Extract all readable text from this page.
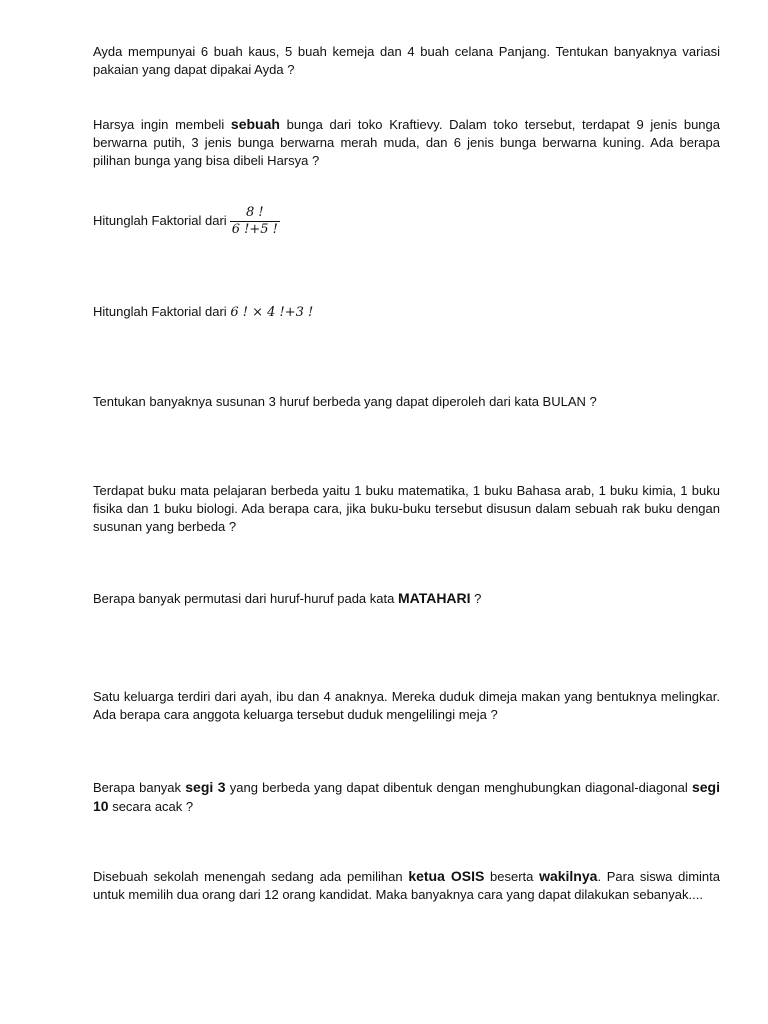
Ayda mempunyai 6 buah kaus, 5 buah kemeja dan 4 buah celana Panjang. Tentukan banyaknya variasi pakaian yang dapat dipakai Ayda ?

Harsya ingin membeli sebuah bunga dari toko Kraftievy. Dalam toko tersebut, terdapat 9 jenis bunga berwarna putih, 3 jenis bunga berwarna merah muda, dan 6 jenis bunga berwarna kuning. Ada berapa pilihan bunga yang bisa dibeli Harsya ?

Hitunglah Faktorial dari $\frac{8 !}{6 !+5 !}$

Hitunglah Faktorial dari 6 ! × 4 !+3 !

Tentukan banyaknya susunan 3 huruf berbeda yang dapat diperoleh dari kata BULAN ?

Terdapat buku mata pelajaran berbeda yaitu 1 buku matematika, 1 buku Bahasa arab, 1 buku kimia, 1 buku fisika dan 1 buku biologi. Ada berapa cara, jika buku-buku tersebut disusun dalam sebuah rak buku dengan susunan yang berbeda ?

Berapa banyak permutasi dari huruf-huruf pada kata MATAHARI ?

Satu keluarga terdiri dari ayah, ibu dan 4 anaknya. Mereka duduk dimeja makan yang bentuknya melingkar. Ada berapa cara anggota keluarga tersebut duduk mengelilingi meja ?

Berapa banyak segi 3 yang berbeda yang dapat dibentuk dengan menghubungkan diagonal-diagonal segi 10 secara acak ?

Disebuah sekolah menengah sedang ada pemilihan ketua OSIS beserta wakilnya. Para siswa diminta untuk memilih dua orang dari 12 orang kandidat. Maka banyaknya cara yang dapat dilakukan sebanyak....
